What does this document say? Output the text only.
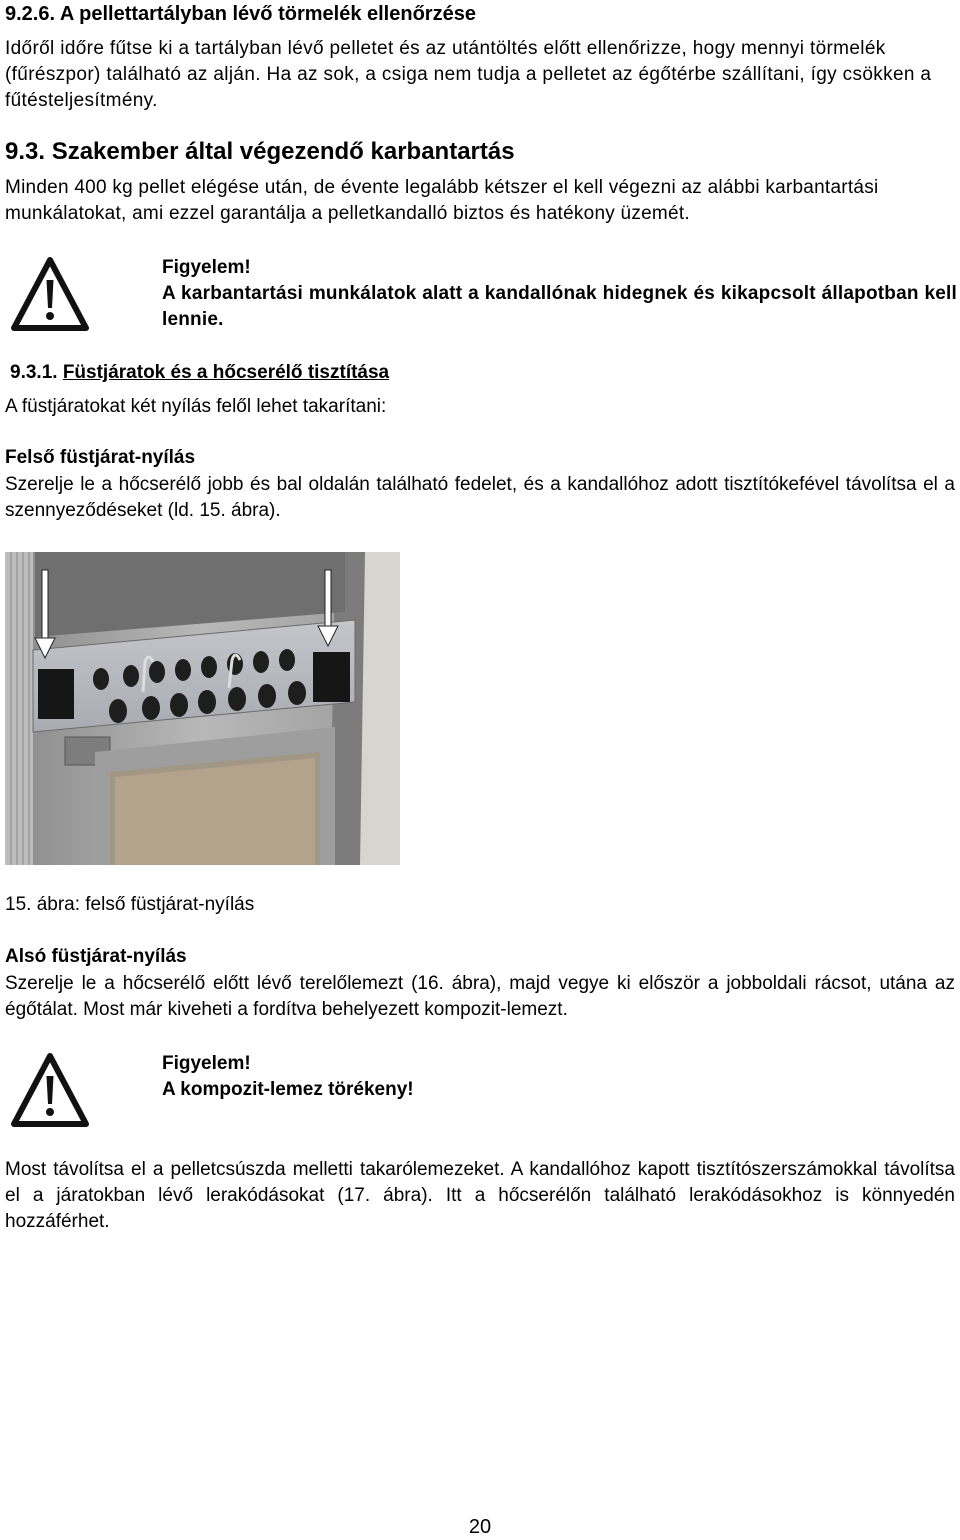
9.2.6. A pellettartályban lévő törmelék ellenőrzése

Időről időre fűtse ki a tartályban lévő pelletet és az utántöltés előtt ellenőrizze, hogy mennyi törmelék (fűrészpor) található az alján. Ha az sok, a csiga nem tudja a pelletet az égőtérbe szállítani, így csökken a fűtésteljesítmény.

9.3. Szakember által végezendő karbantartás

Minden 400 kg pellet elégése után, de évente legalább kétszer el kell végezni az alábbi karbantartási munkálatokat, ami ezzel garantálja a pelletkandalló biztos és hatékony üzemét.

Figyelem!
A karbantartási munkálatok alatt a kandallónak hidegnek és kikapcsolt állapotban kell lennie.
9.3.1. Füstjáratok és a hőcserélő tisztítása

A füstjáratokat két nyílás felől lehet takarítani:

Felső füstjárat-nyílás

Szerelje le a hőcserélő jobb és bal oldalán található fedelet, és a kandallóhoz adott tisztítókefével távolítsa el a szennyeződéseket (ld. 15. ábra).

15. ábra: felső füstjárat-nyílás
Alsó füstjárat-nyílás

Szerelje le a hőcserélő előtt lévő terelőlemezt (16. ábra), majd vegye ki először a jobboldali rácsot, utána az égőtálat. Most már kiveheti a fordítva behelyezett kompozit-lemezt.

Figyelem!
A kompozit-lemez törékeny!

Most távolítsa el a pelletcsúszda melletti takarólemezeket. A kandallóhoz kapott tisztítószerszámokkal távolítsa el a járatokban lévő lerakódásokat (17. ábra). Itt a hőcserélőn található lerakódásokhoz is könnyedén hozzáférhet.

20
